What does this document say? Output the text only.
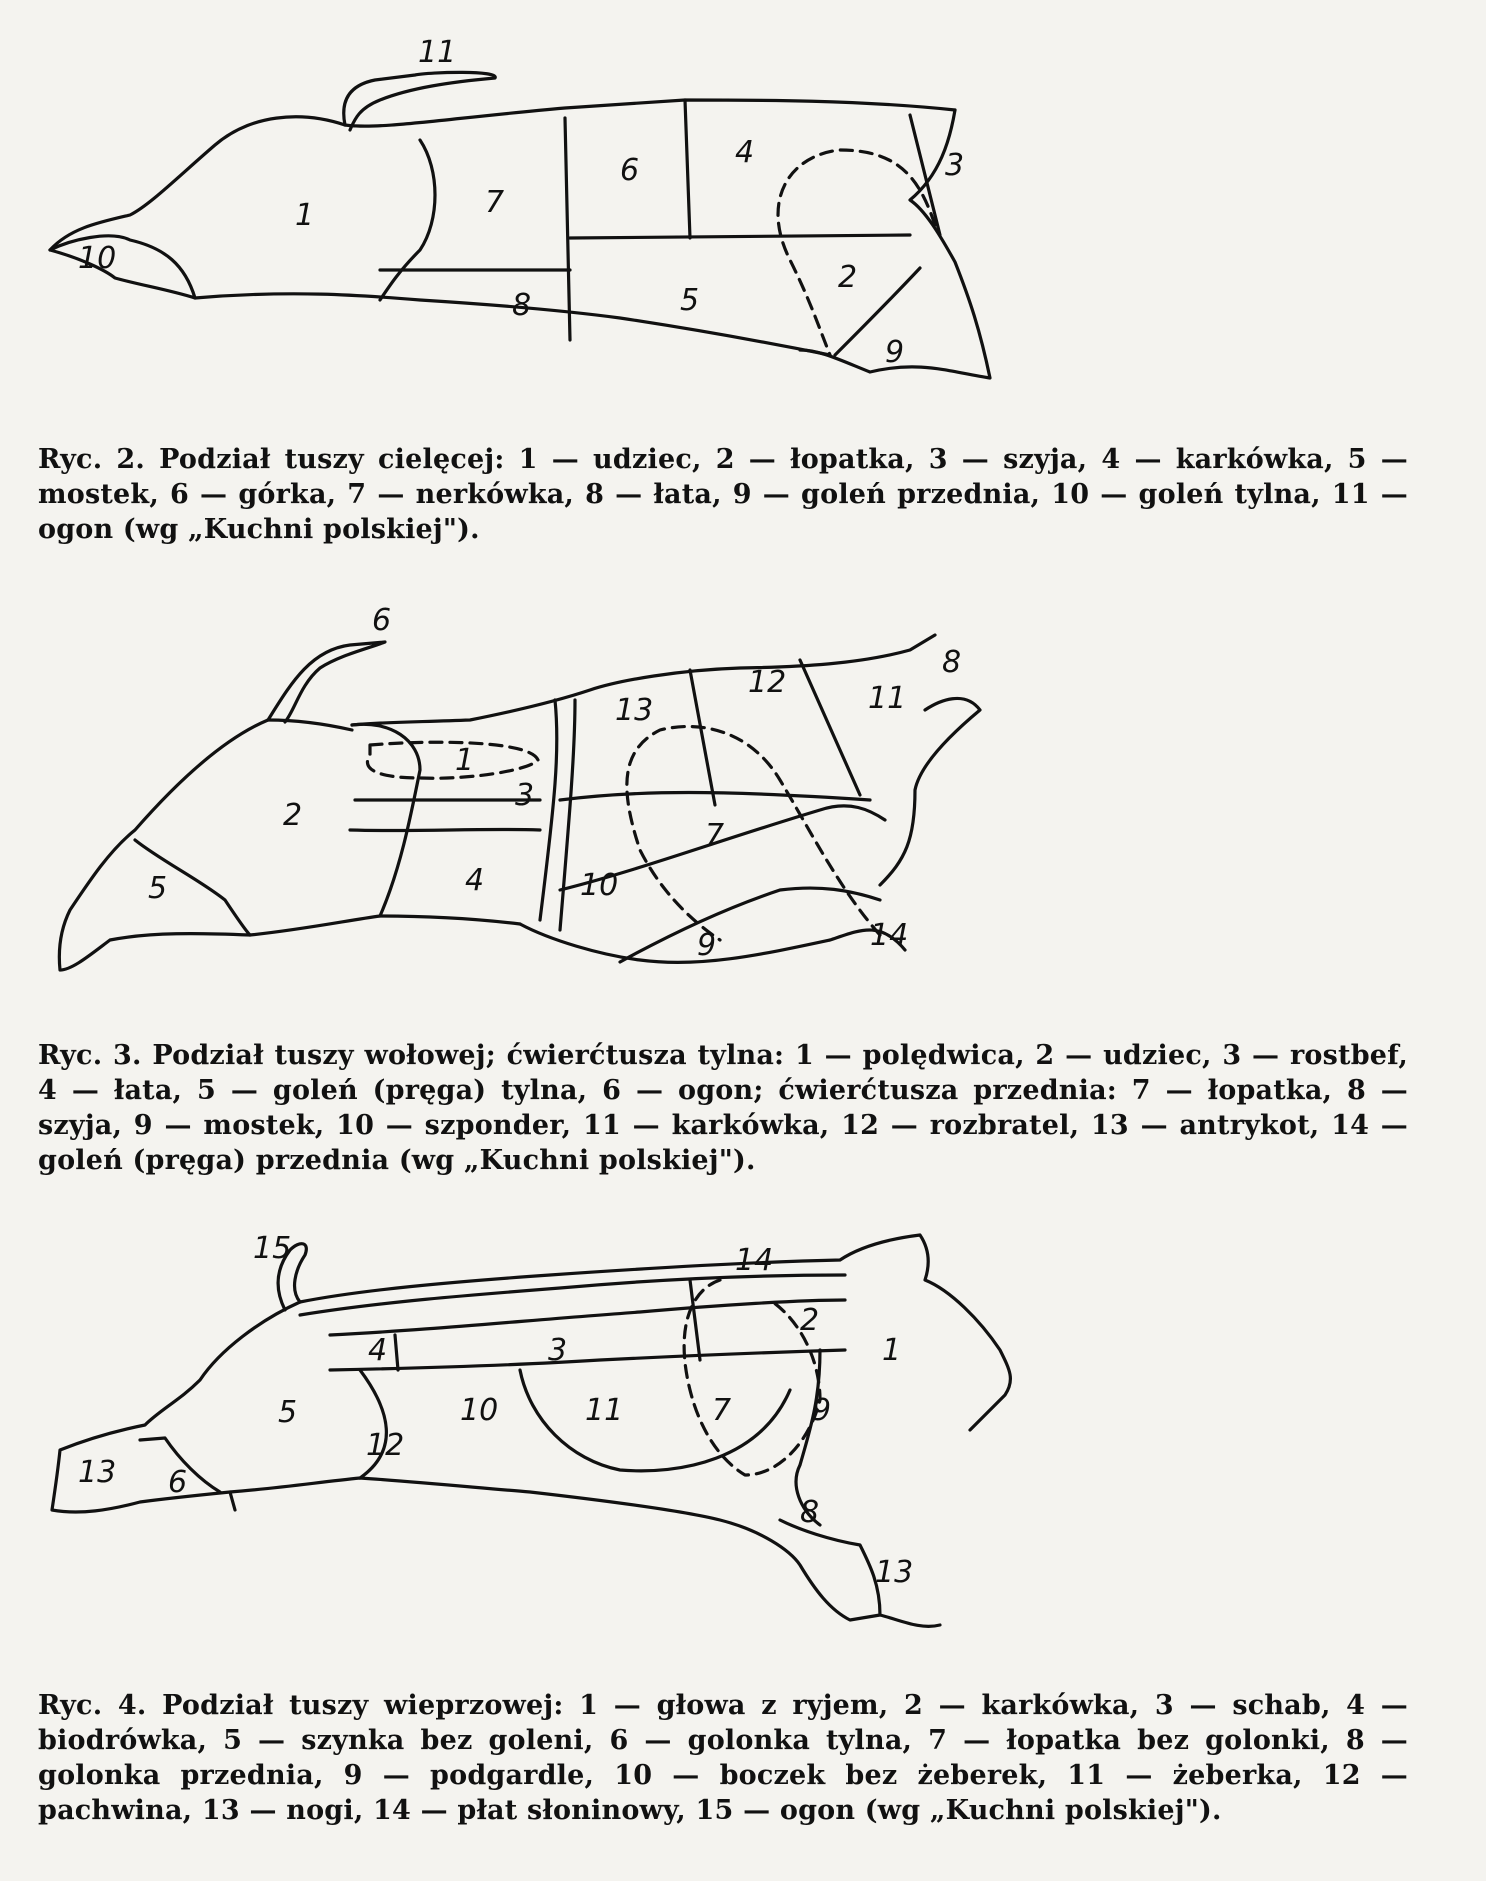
11
1	7
6
4	3
10
8	5
2
9
Ryc. 2. Podział tuszy cielęcej: 1 — udziec, 2 — łopatka, 3 — szyja, 4 — karkówka, 5 — mostek, 6 — górka, 7 — nerkówka, 8 — łata, 9 — goleń przednia, 10 — goleń tylna, 11 — ogon (wg „Kuchni polskiej").
6
8
12	11
13
1
3
2
7
5	4	10
9	14
Ryc. 3. Podział tuszy wołowej; ćwierćtusza tylna: 1 — polędwica, 2 — udziec, 3 — rostbef, 4 — łata, 5 — goleń (pręga) tylna, 6 — ogon; ćwierćtusza przednia: 7 — łopatka, 8 — szyja, 9 — mostek, 10 — szponder, 11 — karkówka, 12 — rozbratel, 13 — antrykot, 14 — goleń (pręga) przednia (wg „Kuchni polskiej").
15	14
2
3
4	1
5	10	11	7	9
12
13 6
8
13
Ryc. 4. Podział tuszy wieprzowej: 1 — głowa z ryjem, 2 — karkówka, 3 — schab, 4 — biodrówka, 5 — szynka bez goleni, 6 — golonka tylna, 7 — łopatka bez golonki, 8 — golonka przednia, 9 — podgardle, 10 — boczek bez żeberek, 11 — żeberka, 12 — pachwina, 13 — nogi, 14 — płat słoninowy, 15 — ogon (wg „Kuchni polskiej").
